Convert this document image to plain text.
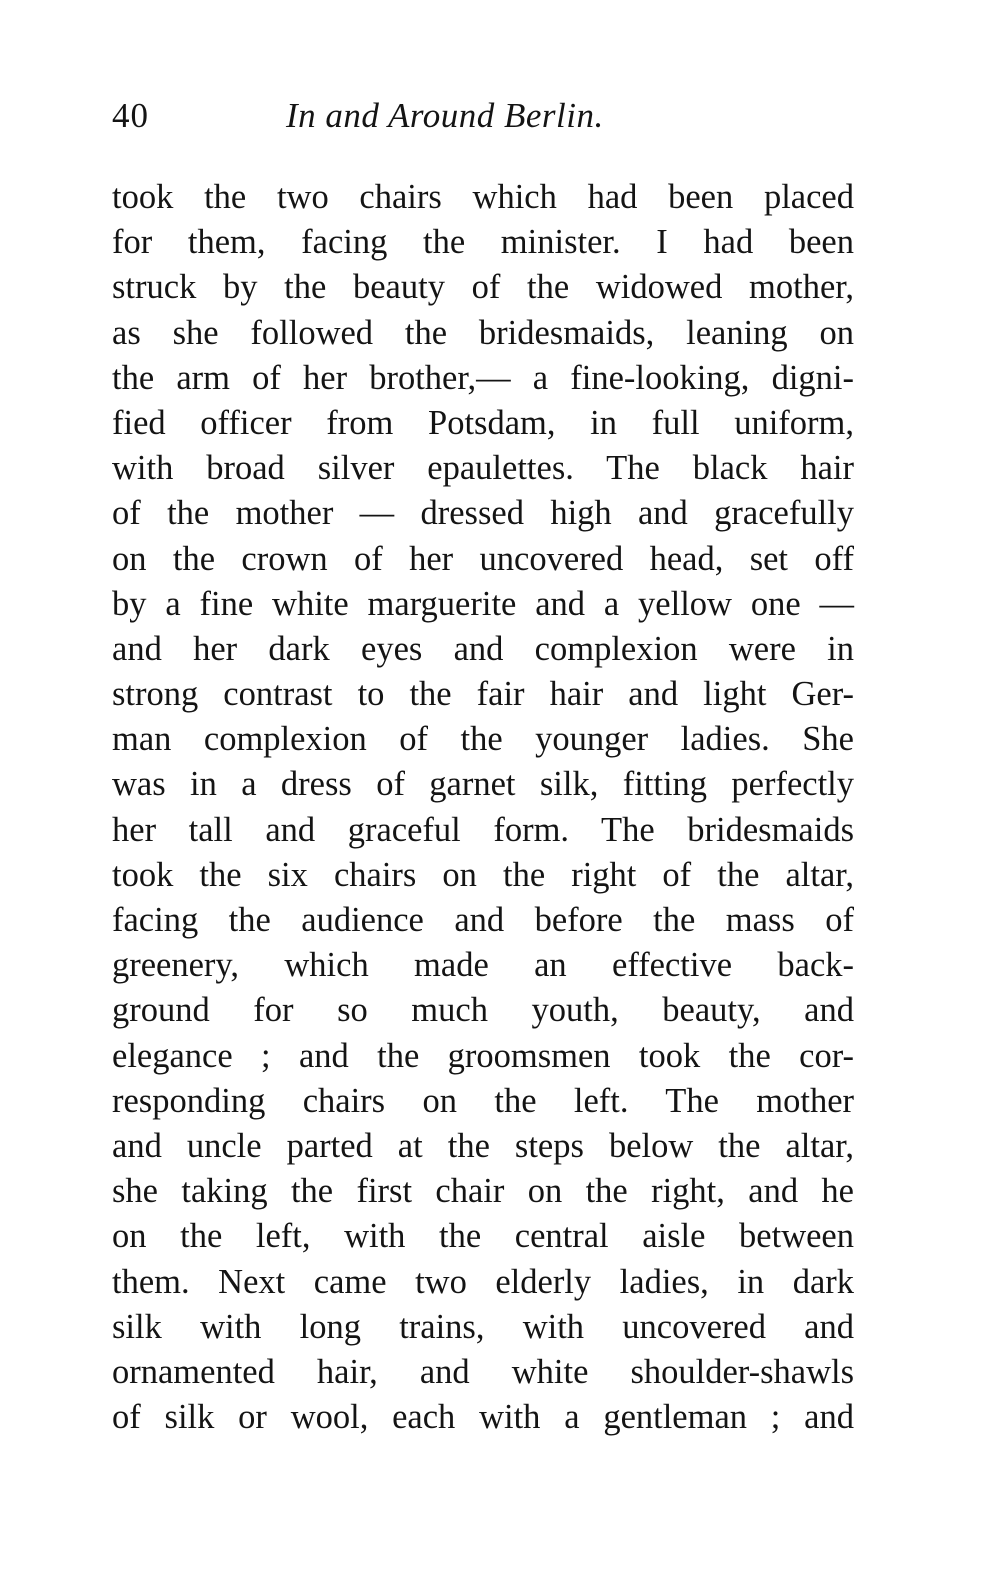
40	In and Around Berlin.
took the two chairs which had been placed
for them, facing the minister. I had been
struck by the beauty of the widowed mother,
as she followed the bridesmaids, leaning on
the arm of her brother,— a fine-looking, digni-
fied officer from Potsdam, in full uniform,
with broad silver epaulettes. The black hair
of the mother — dressed high and gracefully
on the crown of her uncovered head, set off
by a fine white marguerite and a yellow one —
and her dark eyes and complexion were in
strong contrast to the fair hair and light Ger-
man complexion of the younger ladies. She
was in a dress of garnet silk, fitting perfectly
her tall and graceful form. The bridesmaids
took the six chairs on the right of the altar,
facing the audience and before the mass of
greenery, which made an effective back-
ground for so much youth, beauty, and
elegance ; and the groomsmen took the cor-
responding chairs on the left. The mother
and uncle parted at the steps below the altar,
she taking the first chair on the right, and he
on the left, with the central aisle between
them. Next came two elderly ladies, in dark
silk with long trains, with uncovered and
ornamented hair, and white shoulder-shawls
of silk or wool, each with a gentleman ; and
